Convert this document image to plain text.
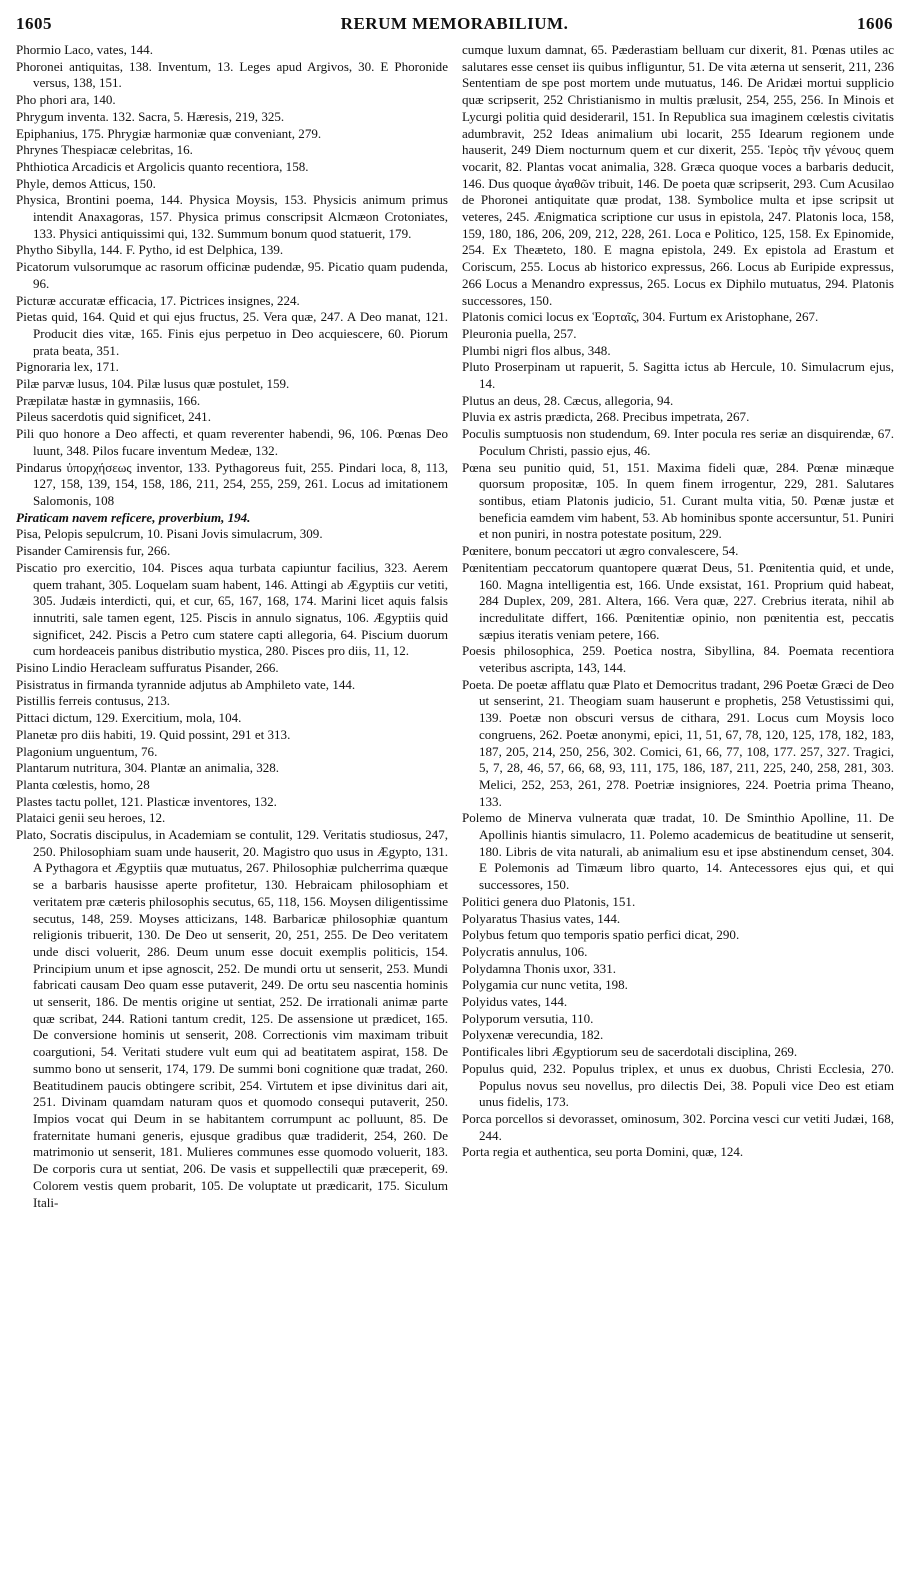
1605	RERUM MEMORABILIUM.	1606

Phormio Laco, vates, 144.

Phoronei antiquitas, 138. Inventum, 13. Leges apud Argivos, 30. E Phoronide versus, 138, 151.

Pho phori ara, 140.

Phrygum inventa. 132. Sacra, 5. Hæresis, 219, 325.

Epiphanius, 175. Phrygiæ harmoniæ quæ conveniant, 279.

Phrynes Thespiacæ celebritas, 16.

Phthiotica Arcadicis et Argolicis quanto recentiora, 158.

Phyle, demos Atticus, 150.

Physica, Brontini poema, 144. Physica Moysis, 153. Physicis animum primus intendit Anaxagoras, 157. Physica primus conscripsit Alcmæon Crotoniates, 133. Physici antiquissimi qui, 132. Summum bonum quod statuerit, 179.

Phytho Sibylla, 144. F. Pytho, id est Delphica, 139.

Picatorum vulsorumque ac rasorum officinæ pudendæ, 95. Picatio quam pudenda, 96.

Picturæ accuratæ efficacia, 17. Pictrices insignes, 224.

Pietas quid, 164. Quid et qui ejus fructus, 25. Vera quæ, 247. A Deo manat, 121. Producit dies vitæ, 165. Finis ejus perpetuo in Deo acquiescere, 60. Piorum prata beata, 351.

Pignoraria lex, 171.

Pilæ parvæ lusus, 104. Pilæ lusus quæ postulet, 159.

Præpilatæ hastæ in gymnasiis, 166.

Pileus sacerdotis quid significet, 241.

Pili quo honore a Deo affecti, et quam reverenter habendi, 96, 106. Pœnas Deo luunt, 348. Pilos fucare inventum Medeæ, 132.

Pindarus ὑπορχήσεως inventor, 133. Pythagoreus fuit, 255. Pindari loca, 8, 113, 127, 158, 139, 154, 158, 186, 211, 254, 255, 259, 261. Locus ad imitationem Salomonis, 108

Piraticam navem reficere, proverbium, 194.

Pisa, Pelopis sepulcrum, 10. Pisani Jovis simulacrum, 309.

Pisander Camirensis fur, 266.

Piscatio pro exercitio, 104. Pisces aqua turbata capiuntur facilius, 323. Aerem quem trahant, 305. Loquelam suam habent, 146. Attingi ab Ægyptiis cur vetiti, 305. Judæis interdicti, qui, et cur, 65, 167, 168, 174. Marini licet aquis falsis innutriti, sale tamen egent, 125. Piscis in annulo signatus, 106. Ægyptiis quid significet, 242. Piscis a Petro cum statere capti allegoria, 64. Piscium duorum cum hordeaceis panibus distributio mystica, 280. Pisces pro diis, 11, 12.

Pisino Lindio Heracleam suffuratus Pisander, 266.

Pisistratus in firmanda tyrannide adjutus ab Amphileto vate, 144.

Pistillis ferreis contusus, 213.

Pittaci dictum, 129. Exercitium, mola, 104.

Planetæ pro diis habiti, 19. Quid possint, 291 et 313.

Plagonium unguentum, 76.

Plantarum nutritura, 304. Plantæ an animalia, 328.

Planta cœlestis, homo, 28

Plastes tactu pollet, 121. Plasticæ inventores, 132.

Plataici genii seu heroes, 12.

Plato, Socratis discipulus, in Academiam se contulit, 129. Veritatis studiosus, 247, 250. Philosophiam suam unde hauserit, 20. Magistro quo usus in Ægypto, 131. A Pythagora et Ægyptiis quæ mutuatus, 267. Philosophiæ pulcherrima quæque se a barbaris hausisse aperte profitetur, 130. Hebraicam philosophiam et veritatem præ cæteris philosophis secutus, 65, 118, 156. Moysen diligentissime secutus, 148, 259. Moyses atticizans, 148. Barbaricæ philosophiæ quantum religionis tribuerit, 130. De Deo ut senserit, 20, 251, 255. De Deo veritatem unde disci voluerit, 286. Deum unum esse docuit exemplis politicis, 154. Principium unum et ipse agnoscit, 252. De mundi ortu ut senserit, 253. Mundi fabricati causam Deo quam esse putaverit, 249. De ortu seu nascentia hominis ut senserit, 186. De mentis origine ut sentiat, 252. De irrationali animæ parte quæ scribat, 244. Rationi tantum credit, 125. De assensione ut prædicet, 165. De conversione hominis ut senserit, 208. Correctionis vim maximam tribuit coargutioni, 54. Veritati studere vult eum qui ad beatitatem aspirat, 158. De summo bono ut senserit, 174, 179. De summi boni cognitione quæ tradat, 260. Beatitudinem paucis obtingere scribit, 254. Virtutem et ipse divinitus dari ait, 251. Divinam quamdam naturam quos et quomodo consequi putaverit, 250. Impios vocat qui Deum in se habitantem corrumpunt ac polluunt, 85. De fraternitate humani generis, ejusque gradibus quæ tradiderit, 254, 260. De matrimonio ut senserit, 181. Mulieres communes esse quomodo voluerit, 183. De corporis cura ut sentiat, 206. De vasis et suppellectili quæ præceperit, 69. Colorem vestis quem probarit, 105. De voluptate ut prædicarit, 175. Siculum Itali-

cumque luxum damnat, 65. Pæderastiam belluam cur dixerit, 81. Pœnas utiles ac salutares esse censet iis quibus infliguntur, 51. De vita æterna ut senserit, 211, 236 Sententiam de spe post mortem unde mutuatus, 146. De Aridæi mortui supplicio quæ scripserit, 252 Christianismo in multis prælusit, 254, 255, 256. In Minois et Lycurgi politia quid desideraril, 151. In Republica sua imaginem cœlestis civitatis adumbravit, 252 Ideas animalium ubi locarit, 255 Idearum regionem unde hauserit, 249 Diem nocturnum quem et cur dixerit, 255. Ἱερὸς τῆν γένους quem vocarit, 82. Plantas vocat animalia, 328. Græca quoque voces a barbaris deducit, 146. Dus quoque ἀγαθῶν tribuit, 146. De poeta quæ scripserit, 293. Cum Acusilao de Phoronei antiquitate quæ prodat, 138. Symbolice multa et ipse scripsit ut veteres, 245. Ænigmatica scriptione cur usus in epistola, 247. Platonis loca, 158, 159, 180, 186, 206, 209, 212, 228, 261. Loca e Politico, 125, 158. Ex Epinomide, 254. Ex Theæteto, 180. E magna epistola, 249. Ex epistola ad Erastum et Coriscum, 255. Locus ab historico expressus, 266. Locus ab Euripide expressus, 266 Locus a Menandro expressus, 265. Locus ex Diphilo mutuatus, 294. Platonis successores, 150.

Platonis comici locus ex Ἑορταῖς, 304. Furtum ex Aristophane, 267.

Pleuronia puella, 257.

Plumbi nigri flos albus, 348.

Pluto Proserpinam ut rapuerit, 5. Sagitta ictus ab Hercule, 10. Simulacrum ejus, 14.

Plutus an deus, 28. Cæcus, allegoria, 94.

Pluvia ex astris prædicta, 268. Precibus impetrata, 267.

Poculis sumptuosis non studendum, 69. Inter pocula res seriæ an disquirendæ, 67. Poculum Christi, passio ejus, 46.

Pœna seu punitio quid, 51, 151. Maxima fideli quæ, 284. Pœnæ minæque quorsum propositæ, 105. In quem finem irrogentur, 229, 281. Salutares sontibus, etiam Platonis judicio, 51. Curant multa vitia, 50. Pœnæ justæ et beneficia eamdem vim habent, 53. Ab hominibus sponte accersuntur, 51. Puniri et non puniri, in nostra potestate positum, 229.

Pœnitere, bonum peccatori ut ægro convalescere, 54.

Pœnitentiam peccatorum quantopere quærat Deus, 51. Pœnitentia quid, et unde, 160. Magna intelligentia est, 166. Unde exsistat, 161. Proprium quid habeat, 284 Duplex, 209, 281. Altera, 166. Vera quæ, 227. Crebrius iterata, nihil ab incredulitate differt, 166. Pœnitentiæ opinio, non pœnitentia est, peccatis sæpius iteratis veniam petere, 166.

Poesis philosophica, 259. Poetica nostra, Sibyllina, 84. Poemata recentiora veteribus ascripta, 143, 144.

Poeta. De poetæ afflatu quæ Plato et Democritus tradant, 296 Poetæ Græci de Deo ut senserint, 21. Theogiam suam hauserunt e prophetis, 258 Vetustissimi qui, 139. Poetæ non obscuri versus de cithara, 291. Locus cum Moysis loco congruens, 262. Poetæ anonymi, epici, 11, 51, 67, 78, 120, 125, 178, 182, 183, 187, 205, 214, 250, 256, 302. Comici, 61, 66, 77, 108, 177. 257, 327. Tragici, 5, 7, 28, 46, 57, 66, 68, 93, 111, 175, 186, 187, 211, 225, 240, 258, 281, 303. Melici, 252, 253, 261, 278. Poetriæ insigniores, 224. Poetria prima Theano, 133.

Polemo de Minerva vulnerata quæ tradat, 10. De Sminthio Apolline, 11. De Apollinis hiantis simulacro, 11. Polemo academicus de beatitudine ut senserit, 180. Libris de vita naturali, ab animalium esu et ipse abstinendum censet, 304. E Polemonis ad Timæum libro quarto, 14. Antecessores ejus qui, et qui successores, 150.

Politici genera duo Platonis, 151.

Polyaratus Thasius vates, 144.

Polybus fetum quo temporis spatio perfici dicat, 290.

Polycratis annulus, 106.

Polydamna Thonis uxor, 331.

Polygamia cur nunc vetita, 198.

Polyidus vates, 144.

Polyporum versutia, 110.

Polyxenæ verecundia, 182.

Pontificales libri Ægyptiorum seu de sacerdotali disciplina, 269.

Populus quid, 232. Populus triplex, et unus ex duobus, Christi Ecclesia, 270. Populus novus seu novellus, pro dilectis Dei, 38. Populi vice Deo est etiam unus fidelis, 173.

Porca porcellos si devorasset, ominosum, 302. Porcina vesci cur vetiti Judæi, 168, 244.

Porta regia et authentica, seu porta Domini, quæ, 124.
